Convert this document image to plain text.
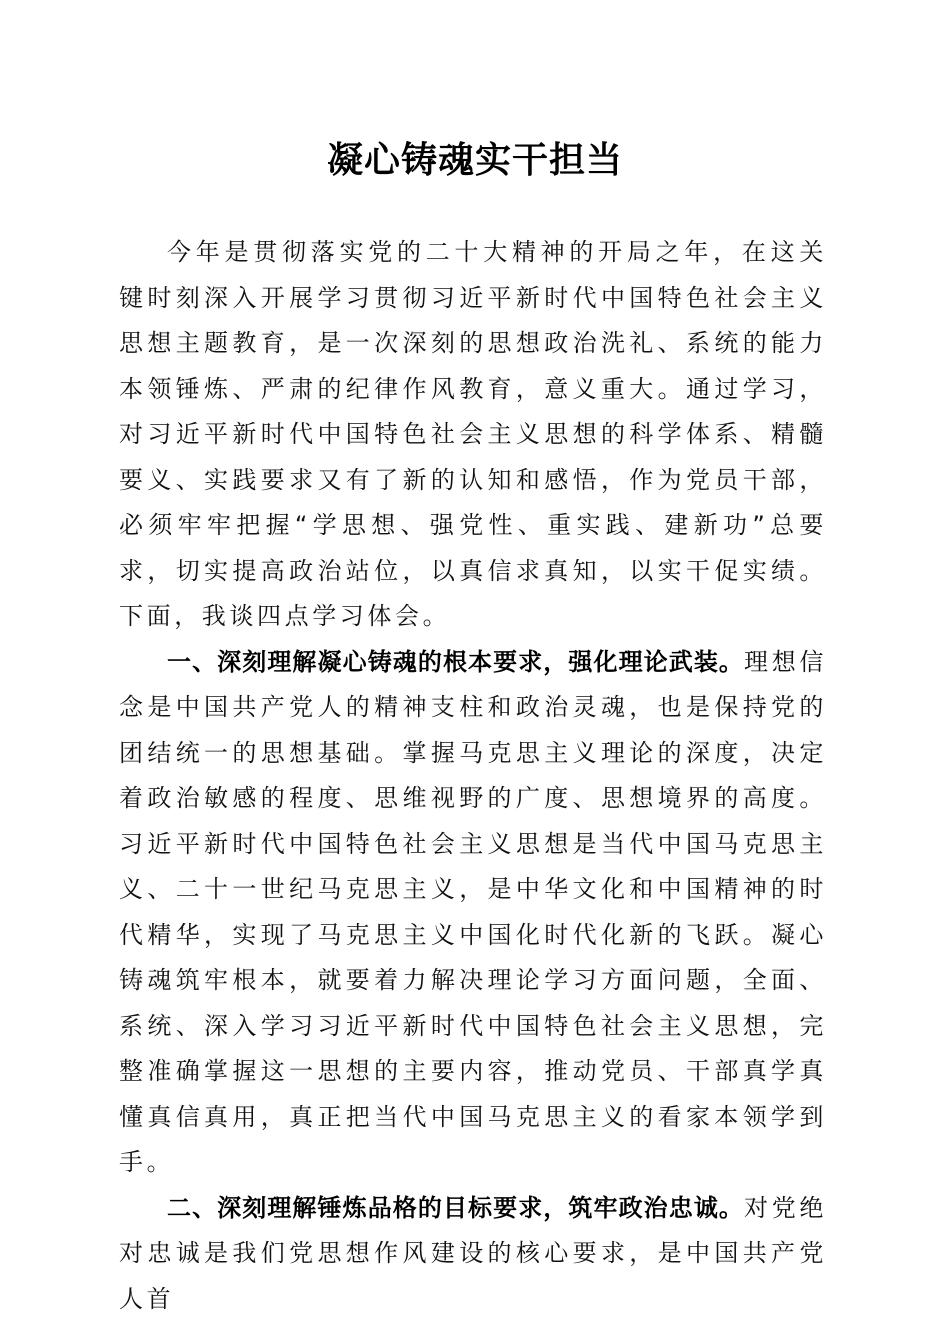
凝心铸魂实干担当

今年是贯彻落实党的二十大精神的开局之年，在这关键时刻深入开展学习贯彻习近平新时代中国特色社会主义思想主题教育，是一次深刻的思想政治洗礼、系统的能力本领锤炼、严肃的纪律作风教育，意义重大。通过学习，对习近平新时代中国特色社会主义思想的科学体系、精髓要义、实践要求又有了新的认知和感悟，作为党员干部，必须牢牢把握“学思想、强党性、重实践、建新功”总要求，切实提高政治站位，以真信求真知，以实干促实绩。下面，我谈四点学习体会。

一、深刻理解凝心铸魂的根本要求，强化理论武装。理想信念是中国共产党人的精神支柱和政治灵魂，也是保持党的团结统一的思想基础。掌握马克思主义理论的深度，决定着政治敏感的程度、思维视野的广度、思想境界的高度。习近平新时代中国特色社会主义思想是当代中国马克思主义、二十一世纪马克思主义，是中华文化和中国精神的时代精华，实现了马克思主义中国化时代化新的飞跃。凝心铸魂筑牢根本，就要着力解决理论学习方面问题，全面、系统、深入学习习近平新时代中国特色社会主义思想，完整准确掌握这一思想的主要内容，推动党员、干部真学真懂真信真用，真正把当代中国马克思主义的看家本领学到手。

二、深刻理解锤炼品格的目标要求，筑牢政治忠诚。对党绝对忠诚是我们党思想作风建设的核心要求，是中国共产党人首
